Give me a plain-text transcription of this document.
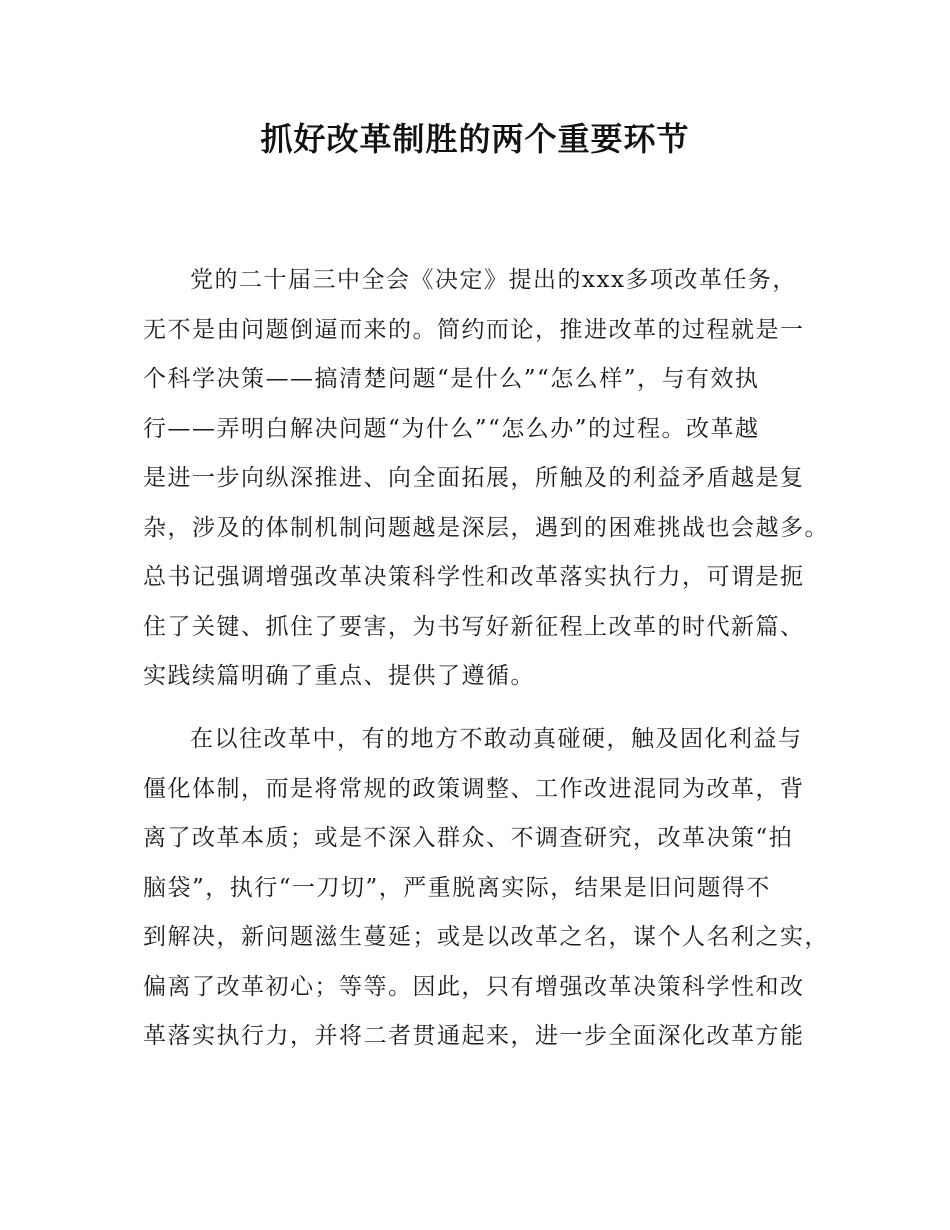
抓好改革制胜的两个重要环节
党的二十届三中全会《决定》提出的xxx多项改革任务，
无不是由问题倒逼而来的。简约而论，推进改革的过程就是一
个科学决策——搞清楚问题“是什么”“怎么样”，与有效执
行——弄明白解决问题“为什么”“怎么办”的过程。改革越
是进一步向纵深推进、向全面拓展，所触及的利益矛盾越是复
杂，涉及的体制机制问题越是深层，遇到的困难挑战也会越多。
总书记强调增强改革决策科学性和改革落实执行力，可谓是扼
住了关键、抓住了要害，为书写好新征程上改革的时代新篇、
实践续篇明确了重点、提供了遵循。
在以往改革中，有的地方不敢动真碰硬，触及固化利益与
僵化体制，而是将常规的政策调整、工作改进混同为改革，背
离了改革本质；或是不深入群众、不调查研究，改革决策“拍
脑袋”，执行“一刀切”，严重脱离实际，结果是旧问题得不
到解决，新问题滋生蔓延；或是以改革之名，谋个人名利之实，
偏离了改革初心；等等。因此，只有增强改革决策科学性和改
革落实执行力，并将二者贯通起来，进一步全面深化改革方能
